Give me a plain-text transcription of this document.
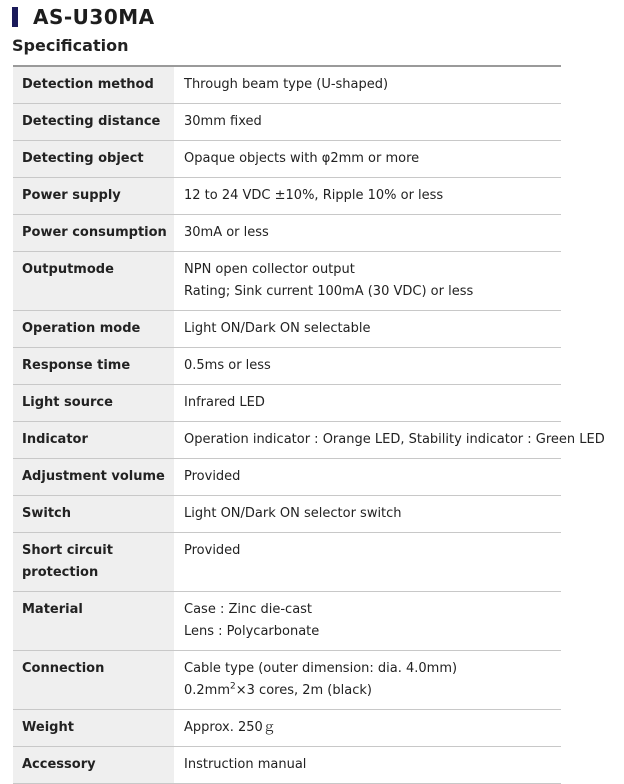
AS-U30MA
Specification
Detection method	Through beam type (U-shaped)

Detecting distance	30mm fixed

Detecting object	Opaque objects with φ2mm or more

Power supply	12 to 24 VDC ±10%, Ripple 10% or less

Power consumption	30mA or less

Outputmode	NPN open collector output
Rating; Sink current 100mA (30 VDC) or less

Operation mode	Light ON/Dark ON selectable

Response time	0.5ms or less

Light source	Infrared LED

Indicator	Operation indicator : Orange LED, Stability indicator : Green LED

Adjustment volume	Provided

Switch	Light ON/Dark ON selector switch

Short circuit protection	Provided

Material	Case : Zinc die-cast
Lens : Polycarbonate

Connection	Cable type (outer dimension: dia. 4.0mm)
$0.2mm^2\times 3$ cores, 2m (black)

Weight	Approx. 250ｇ

Accessory	Instruction manual
